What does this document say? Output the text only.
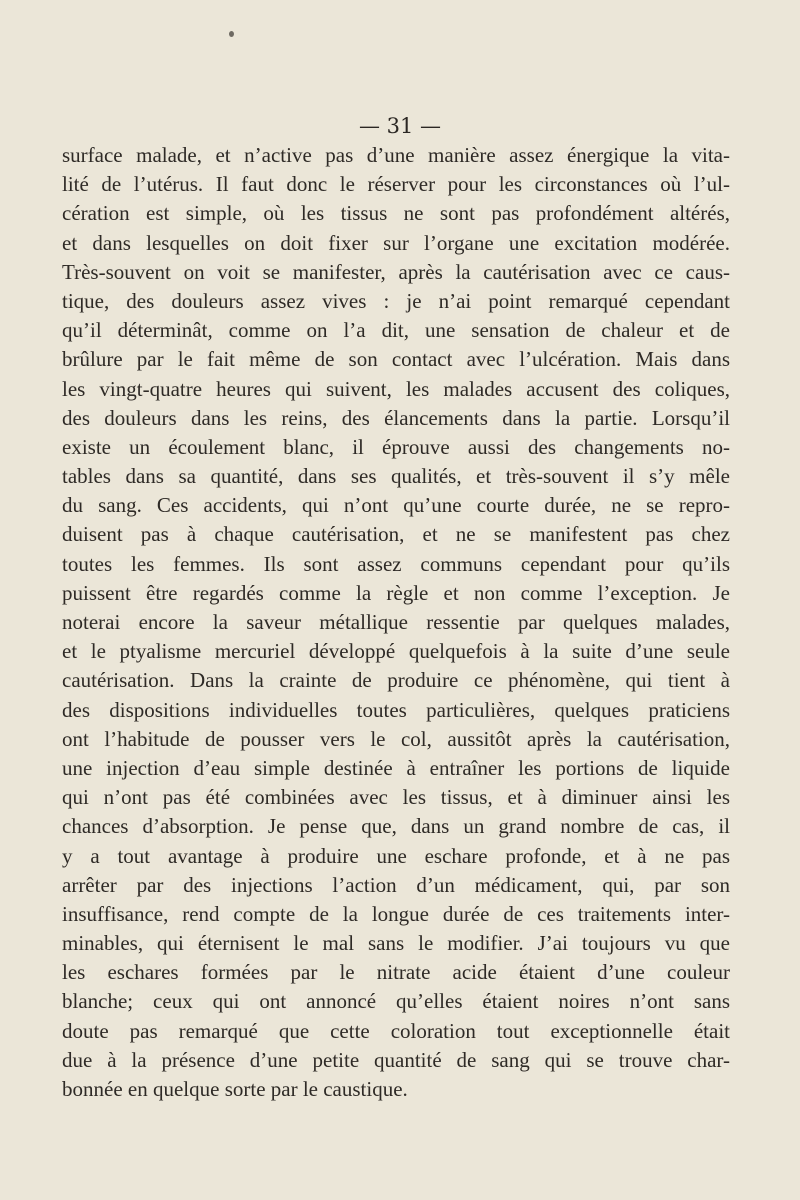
— 31 —
surface malade, et n’active pas d’une manière assez énergique la vita-
lité de l’utérus. Il faut donc le réserver pour les circonstances où l’ul-
cération est simple, où les tissus ne sont pas profondément altérés,
et dans lesquelles on doit fixer sur l’organe une excitation modérée.
Très-souvent on voit se manifester, après la cautérisation avec ce caus-
tique, des douleurs assez vives : je n’ai point remarqué cependant
qu’il déterminât, comme on l’a dit, une sensation de chaleur et de
brûlure par le fait même de son contact avec l’ulcération. Mais dans
les vingt-quatre heures qui suivent, les malades accusent des coliques,
des douleurs dans les reins, des élancements dans la partie. Lorsqu’il
existe un écoulement blanc, il éprouve aussi des changements no-
tables dans sa quantité, dans ses qualités, et très-souvent il s’y mêle
du sang. Ces accidents, qui n’ont qu’une courte durée, ne se repro-
duisent pas à chaque cautérisation, et ne se manifestent pas chez
toutes les femmes. Ils sont assez communs cependant pour qu’ils
puissent être regardés comme la règle et non comme l’exception. Je
noterai encore la saveur métallique ressentie par quelques malades,
et le ptyalisme mercuriel développé quelquefois à la suite d’une seule
cautérisation. Dans la crainte de produire ce phénomène, qui tient à
des dispositions individuelles toutes particulières, quelques praticiens
ont l’habitude de pousser vers le col, aussitôt après la cautérisation,
une injection d’eau simple destinée à entraîner les portions de liquide
qui n’ont pas été combinées avec les tissus, et à diminuer ainsi les
chances d’absorption. Je pense que, dans un grand nombre de cas, il
y a tout avantage à produire une eschare profonde, et à ne pas
arrêter par des injections l’action d’un médicament, qui, par son
insuffisance, rend compte de la longue durée de ces traitements inter-
minables, qui éternisent le mal sans le modifier. J’ai toujours vu que
les eschares formées par le nitrate acide étaient d’une couleur
blanche; ceux qui ont annoncé qu’elles étaient noires n’ont sans
doute pas remarqué que cette coloration tout exceptionnelle était
due à la présence d’une petite quantité de sang qui se trouve char-
bonnée en quelque sorte par le caustique.
